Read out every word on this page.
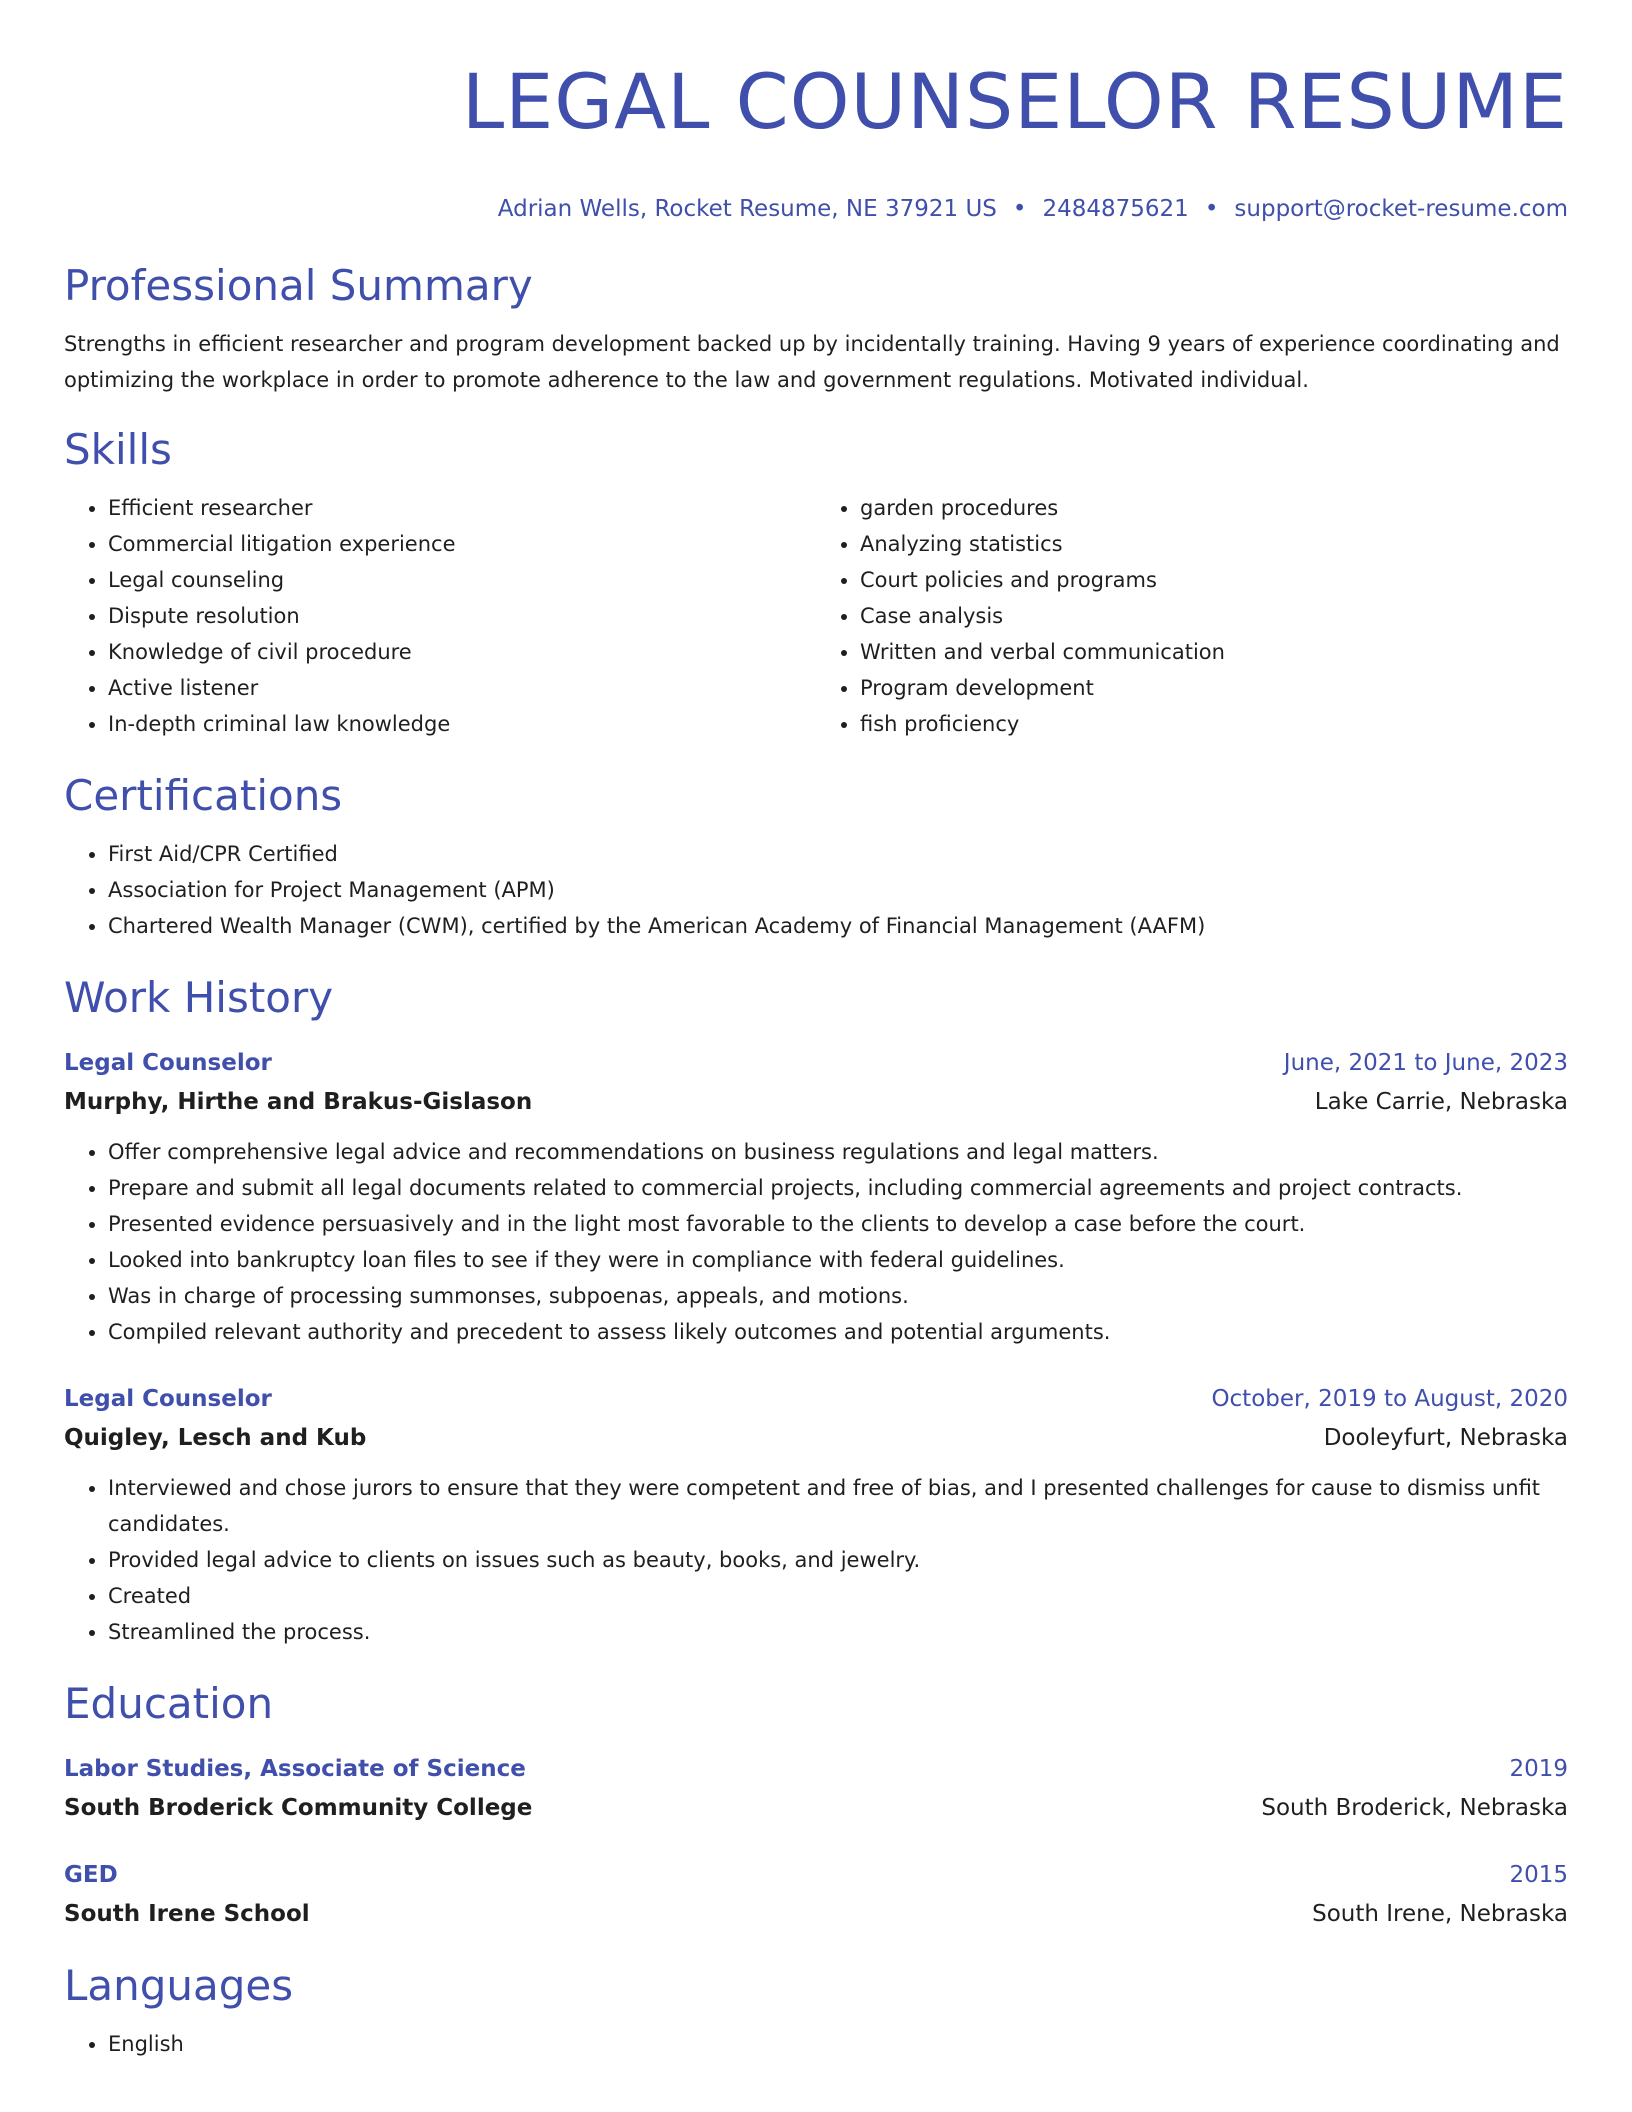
LEGAL COUNSELOR RESUME
Adrian Wells, Rocket Resume, NE 37921 US • 2484875621 • support@rocket-resume.com
Professional Summary

Strengths in efficient researcher and program development backed up by incidentally training. Having 9 years of experience coordinating and optimizing the workplace in order to promote adherence to the law and government regulations. Motivated individual.

Skills
• Efficient researcher
• Commercial litigation experience
• Legal counseling
• Dispute resolution
• Knowledge of civil procedure
• Active listener
• In-depth criminal law knowledge
• garden procedures
• Analyzing statistics
• Court policies and programs
• Case analysis
• Written and verbal communication
• Program development
• fish proficiency
Certifications
• First Aid/CPR Certified
• Association for Project Management (APM)
• Chartered Wealth Manager (CWM), certified by the American Academy of Financial Management (AAFM)
Work History
Legal Counselor	June, 2021 to June, 2023
Murphy, Hirthe and Brakus-Gislason	Lake Carrie, Nebraska
• Offer comprehensive legal advice and recommendations on business regulations and legal matters.
• Prepare and submit all legal documents related to commercial projects, including commercial agreements and project contracts.
• Presented evidence persuasively and in the light most favorable to the clients to develop a case before the court.
• Looked into bankruptcy loan files to see if they were in compliance with federal guidelines.
• Was in charge of processing summonses, subpoenas, appeals, and motions.
• Compiled relevant authority and precedent to assess likely outcomes and potential arguments.
Legal Counselor	October, 2019 to August, 2020
Quigley, Lesch and Kub	Dooleyfurt, Nebraska
• Interviewed and chose jurors to ensure that they were competent and free of bias, and I presented challenges for cause to dismiss unfit candidates.
• Provided legal advice to clients on issues such as beauty, books, and jewelry.
• Created
• Streamlined the process.
Education
Labor Studies, Associate of Science	2019
South Broderick Community College	South Broderick, Nebraska
GED	2015
South Irene School	South Irene, Nebraska
Languages
• English
